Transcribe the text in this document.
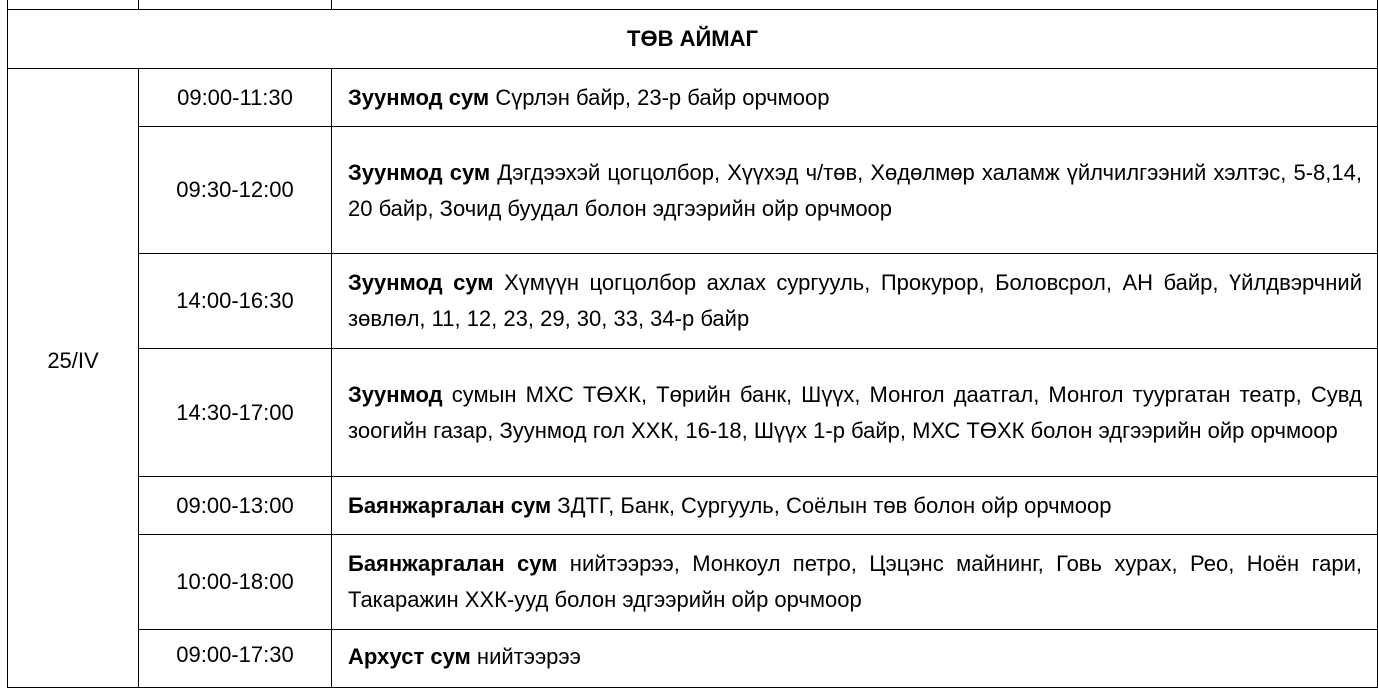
ТӨВ АЙМАГ		
25/IV	09:00-11:30	Зуунмод сум Сүрлэн байр, 23-р байр орчмоор
	09:30-12:00	Зуунмод сум Дэгдээхэй цогцолбор, Хүүхэд ч/төв, Хөдөлмөр халамж үйлчилгээний хэлтэс, 5-8,14, 20 байр, Зочид буудал болон эдгээрийн ойр орчмоор
	14:00-16:30	Зуунмод сум Хүмүүн цогцолбор ахлах сургууль, Прокурор, Боловсрол, АН байр, Үйлдвэрчний зөвлөл, 11, 12, 23, 29, 30, 33, 34-р байр
	14:30-17:00	Зуунмод сумын МХС ТӨХК, Төрийн банк, Шүүх, Монгол даатгал, Монгол туургатан театр, Сувд зоогийн газар, Зуунмод гол ХХК, 16-18, Шүүх 1-р байр, МХС ТӨХК болон эдгээрийн ойр орчмоор
	09:00-13:00	Баянжаргалан сум ЗДТГ, Банк, Сургууль, Соёлын төв болон ойр орчмоор
	10:00-18:00	Баянжаргалан сум нийтээрээ, Монкоул петро, Цэцэнс майнинг, Говь хурах, Рео, Ноён гари, Такаражин ХХК-ууд болон эдгээрийн ойр орчмоор
	09:00-17:30	Архуст сум нийтээрээ
